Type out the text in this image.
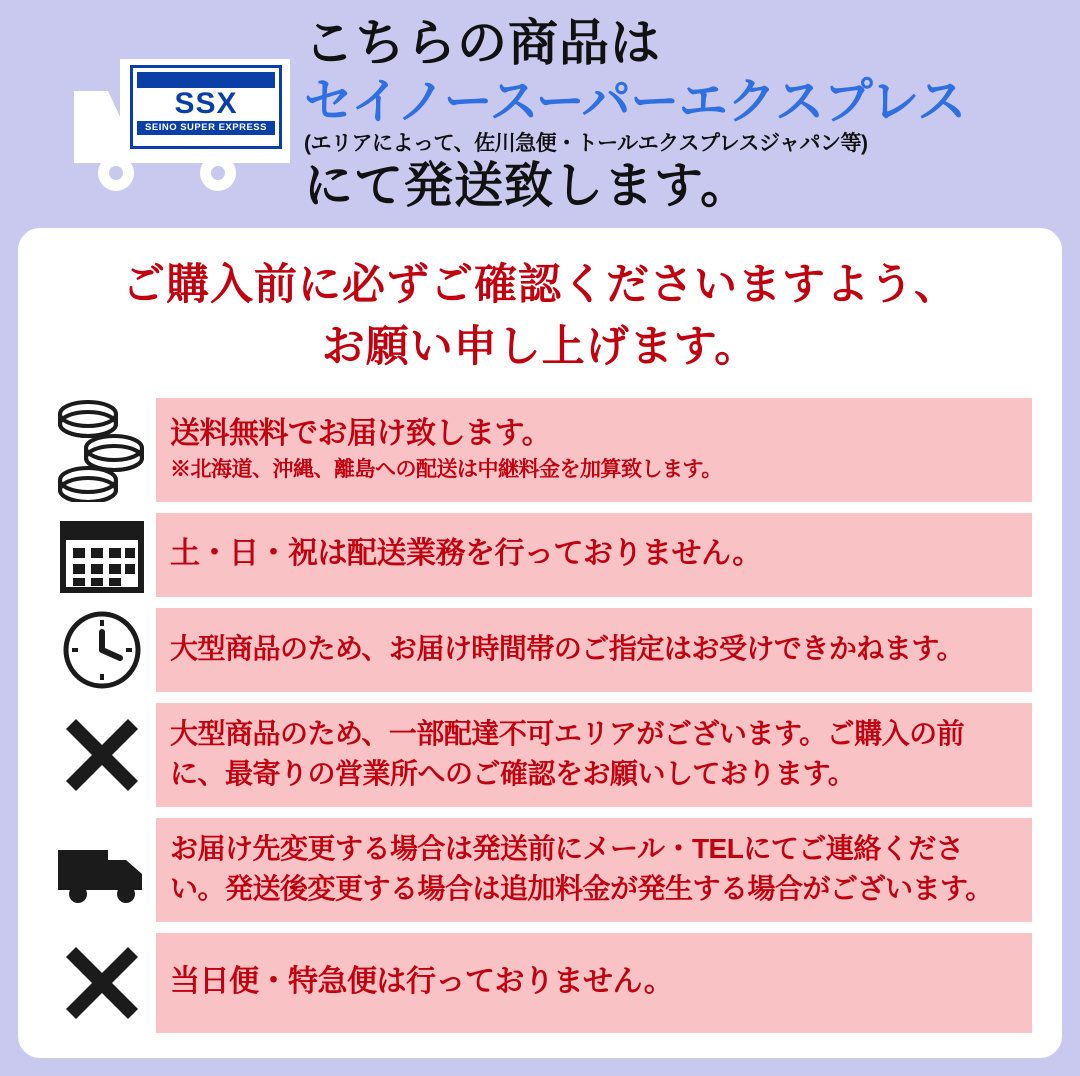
SSX
SEINO SUPER EXPRESS
こちらの商品は
セイノースーパーエクスプレス
(エリアによって、佐川急便・トールエクスプレスジャパン等)
にて発送致します。
ご購入前に必ずご確認くださいますよう、
お願い申し上げます。
送料無料でお届け致します。
※北海道、沖縄、離島への配送は中継料金を加算致します。
土・日・祝は配送業務を行っておりません。
大型商品のため、お届け時間帯のご指定はお受けできかねます。
大型商品のため、一部配達不可エリアがございます。ご購入の前に、最寄りの営業所へのご確認をお願いしております。
お届け先変更する場合は発送前にメール・TELにてご連絡ください。発送後変更する場合は追加料金が発生する場合がございます。
当日便・特急便は行っておりません。
